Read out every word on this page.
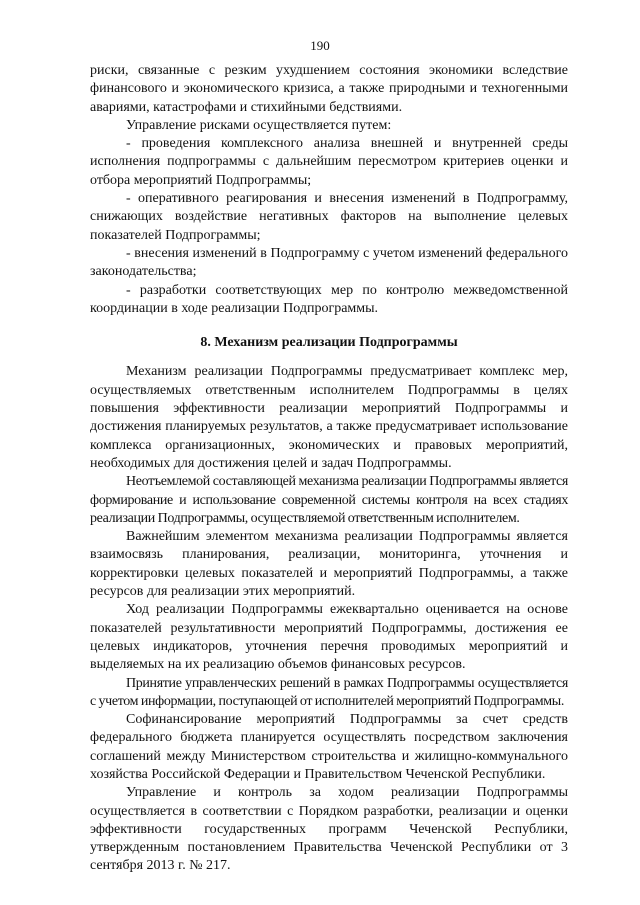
190

риски, связанные с резким ухудшением состояния экономики вследствие финансового и экономического кризиса, а также природными и техногенными авариями, катастрофами и стихийными бедствиями.

Управление рисками осуществляется путем:

- проведения комплексного анализа внешней и внутренней среды исполнения подпрограммы с дальнейшим пересмотром критериев оценки и отбора мероприятий Подпрограммы;

- оперативного реагирования и внесения изменений в Подпрограмму, снижающих воздействие негативных факторов на выполнение целевых показателей Подпрограммы;

- внесения изменений в Подпрограмму с учетом изменений федерального законодательства;

- разработки соответствующих мер по контролю межведомственной координации в ходе реализации Подпрограммы.

8. Механизм реализации Подпрограммы

Механизм реализации Подпрограммы предусматривает комплекс мер, осуществляемых ответственным исполнителем Подпрограммы в целях повышения эффективности реализации мероприятий Подпрограммы и достижения планируемых результатов, а также предусматривает использование комплекса организационных, экономических и правовых мероприятий, необходимых для достижения целей и задач Подпрограммы.

Неотъемлемой составляющей механизма реализации Подпрограммы является формирование и использование современной системы контроля на всех стадиях реализации Подпрограммы, осуществляемой ответственным исполнителем.

Важнейшим элементом механизма реализации Подпрограммы является взаимосвязь планирования, реализации, мониторинга, уточнения и корректировки целевых показателей и мероприятий Подпрограммы, а также ресурсов для реализации этих мероприятий.

Ход реализации Подпрограммы ежеквартально оценивается на основе показателей результативности мероприятий Подпрограммы, достижения ее целевых индикаторов, уточнения перечня проводимых мероприятий и выделяемых на их реализацию объемов финансовых ресурсов.

Принятие управленческих решений в рамках Подпрограммы осуществляется с учетом информации, поступающей от исполнителей мероприятий Подпрограммы.

Софинансирование мероприятий Подпрограммы за счет средств федерального бюджета планируется осуществлять посредством заключения соглашений между Министерством строительства и жилищно-коммунального хозяйства Российской Федерации и Правительством Чеченской Республики.

Управление и контроль за ходом реализации Подпрограммы осуществляется в соответствии с Порядком разработки, реализации и оценки эффективности государственных программ Чеченской Республики, утвержденным постановлением Правительства Чеченской Республики от 3 сентября 2013 г. № 217.
